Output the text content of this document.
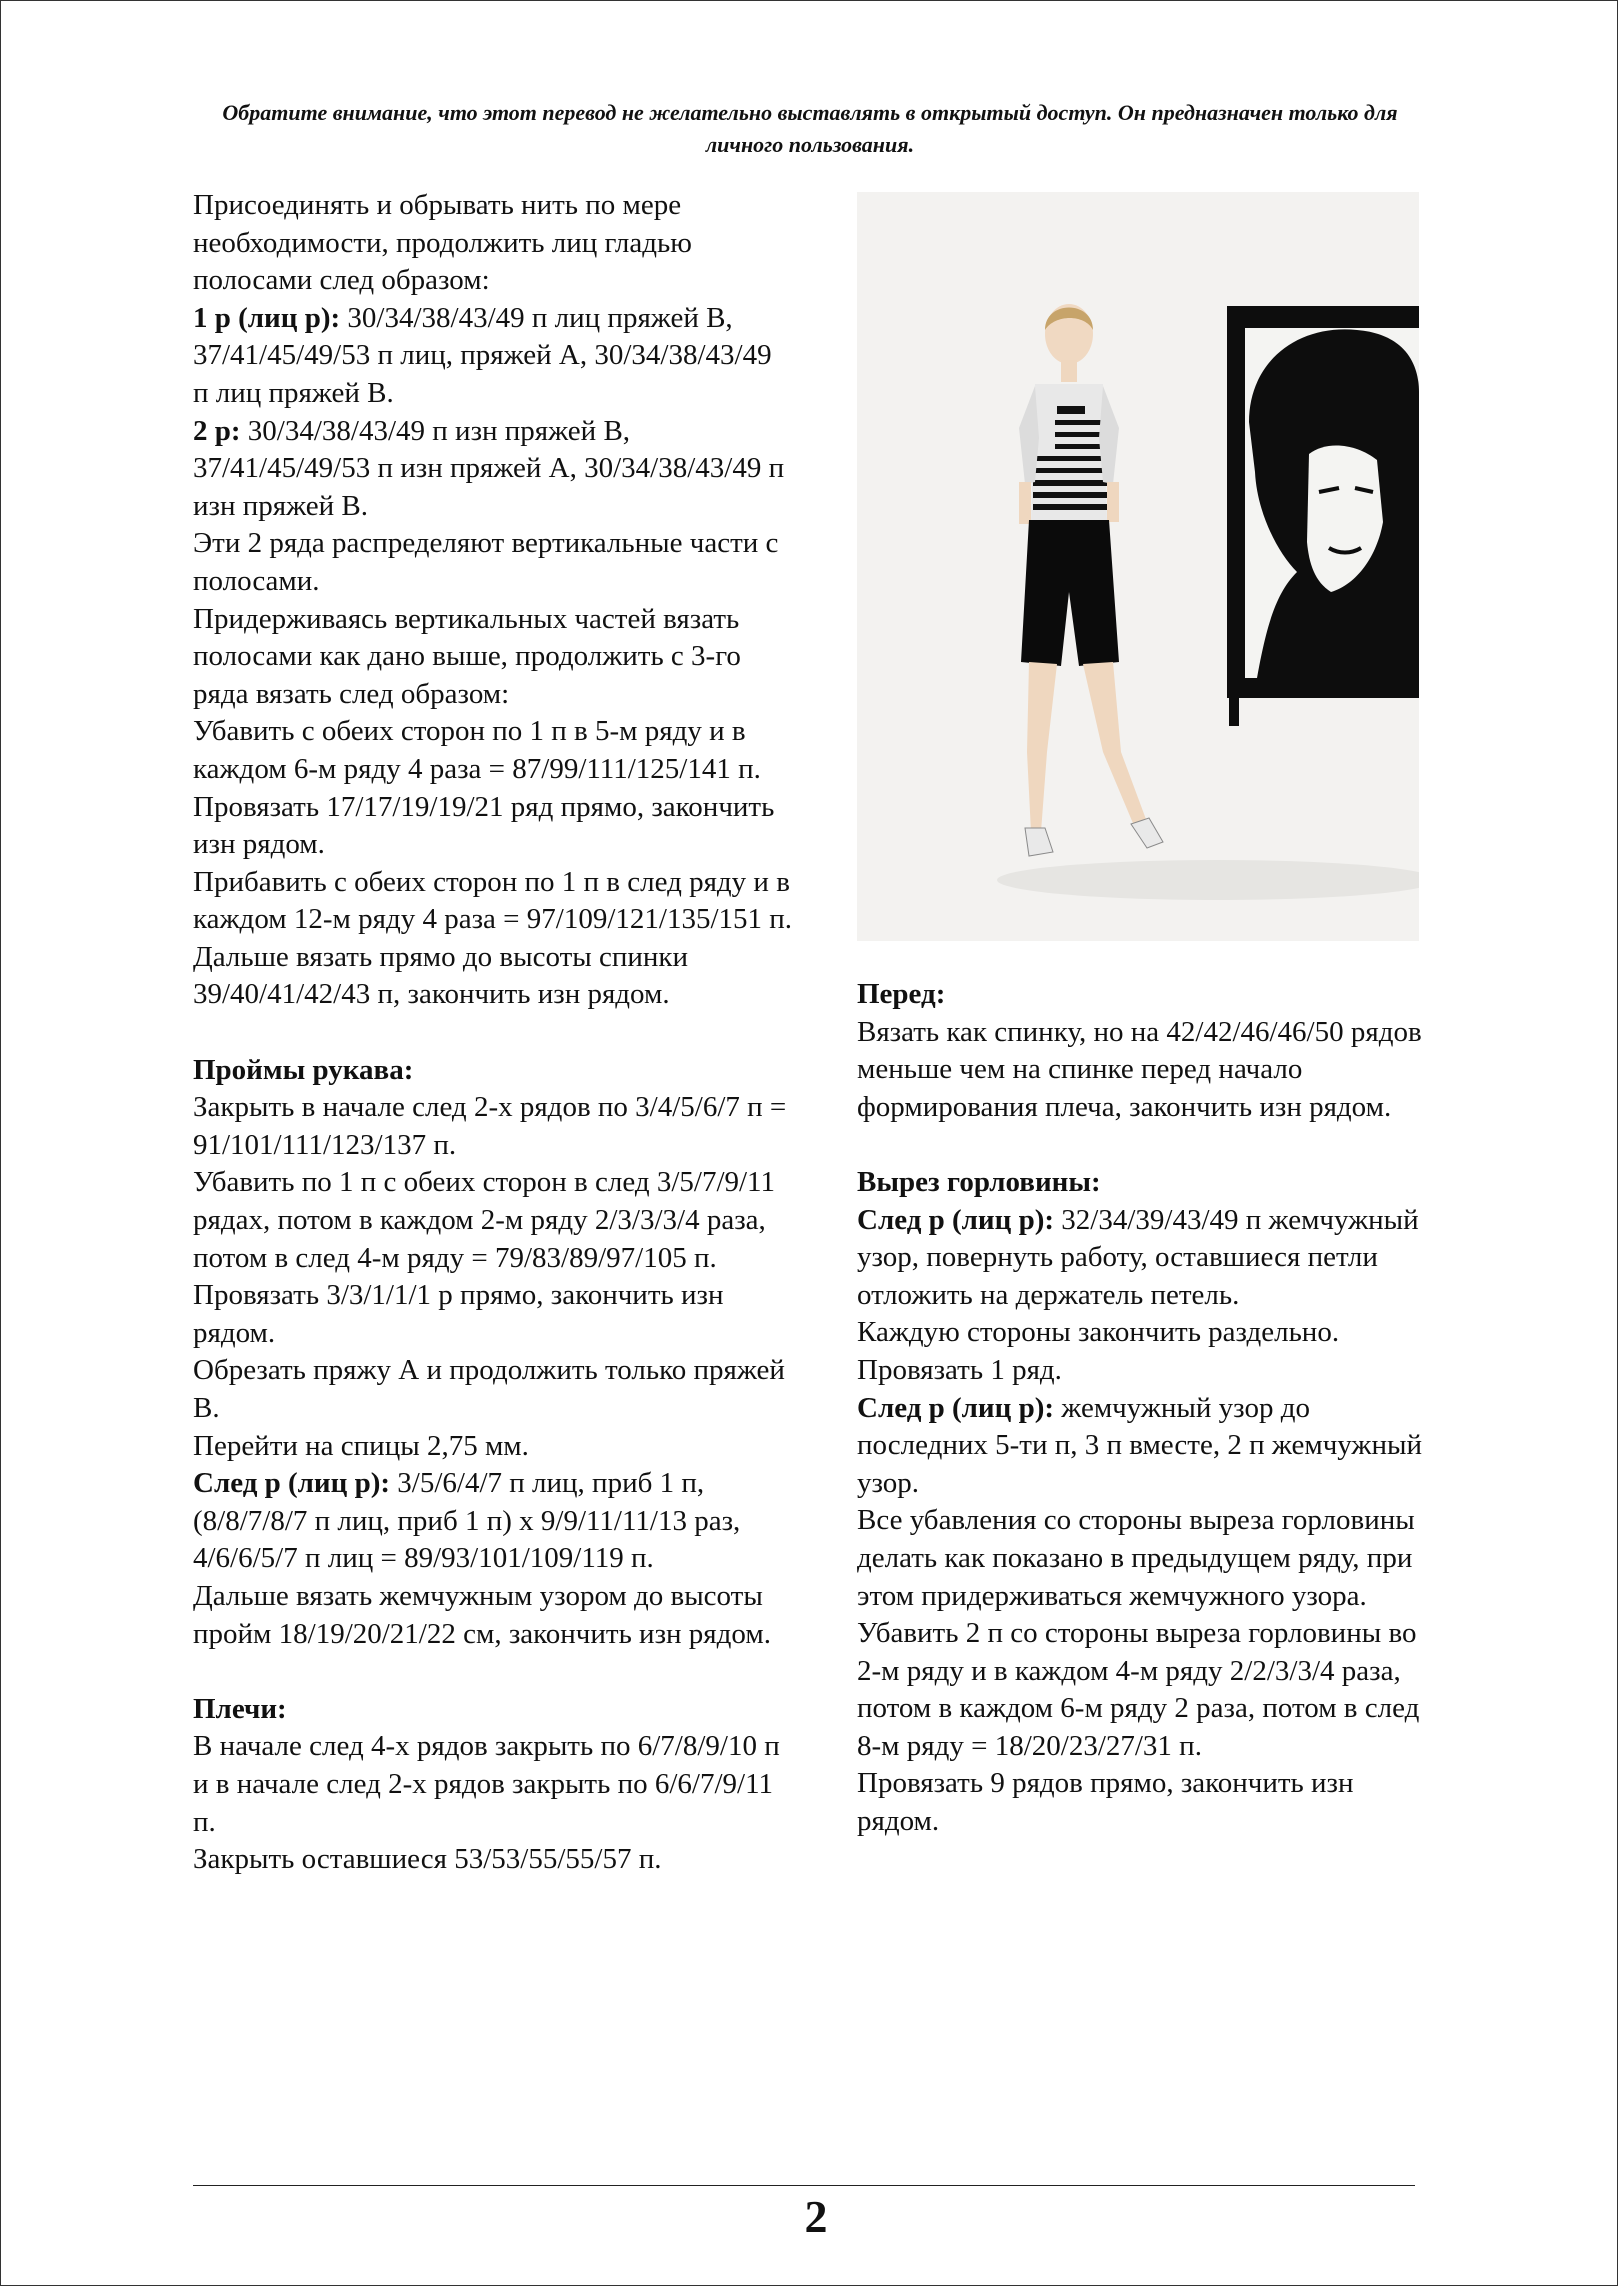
Обратите внимание, что этот перевод не желательно выставлять в открытый доступ. Он предназначен только для личного пользования.

Присоединять и обрывать нить по мере необходимости, продолжить лиц гладью полосами след образом:

1 р (лиц р): 30/34/38/43/49 п лиц пряжей В, 37/41/45/49/53 п лиц, пряжей А, 30/34/38/43/49 п лиц пряжей В.

2 р: 30/34/38/43/49 п изн пряжей В, 37/41/45/49/53 п изн пряжей А, 30/34/38/43/49 п изн пряжей В.

Эти 2 ряда распределяют вертикальные части с полосами.

Придерживаясь вертикальных частей вязать полосами как дано выше, продолжить с 3-го ряда вязать след образом:

Убавить с обеих сторон по 1 п в 5-м ряду и в каждом 6-м ряду 4 раза = 87/99/111/125/141 п.

Провязать 17/17/19/19/21 ряд прямо, закончить изн рядом.

Прибавить с обеих сторон по 1 п в след ряду и в каждом 12-м ряду 4 раза = 97/109/121/135/151 п.

Дальше вязать прямо до высоты спинки 39/40/41/42/43 п, закончить изн рядом.

Проймы рукава:

Закрыть в начале след 2-х рядов по 3/4/5/6/7 п = 91/101/111/123/137 п.

Убавить по 1 п с обеих сторон в след 3/5/7/9/11 рядах, потом в каждом 2-м ряду 2/3/3/3/4 раза, потом в след 4-м ряду = 79/83/89/97/105 п.

Провязать 3/3/1/1/1 р прямо, закончить изн рядом.

Обрезать пряжу А и продолжить только пряжей В.

Перейти на спицы 2,75 мм.

След р (лиц р): 3/5/6/4/7 п лиц, приб 1 п, (8/8/7/8/7 п лиц, приб 1 п) х 9/9/11/11/13 раз, 4/6/6/5/7 п лиц = 89/93/101/109/119 п.

Дальше вязать жемчужным узором до высоты пройм 18/19/20/21/22 см, закончить изн рядом.

Плечи:

В начале след 4-х рядов закрыть по 6/7/8/9/10 п и в начале след 2-х рядов закрыть по 6/6/7/9/11 п.

Закрыть оставшиеся 53/53/55/55/57 п.

Перед:

Вязать как спинку, но на 42/42/46/46/50 рядов меньше чем на спинке перед начало формирования плеча, закончить изн рядом.

Вырез горловины:

След р (лиц р): 32/34/39/43/49 п жемчужный узор, повернуть работу, оставшиеся петли отложить на держатель петель.

Каждую стороны закончить раздельно.

Провязать 1 ряд.

След р (лиц р): жемчужный узор до последних 5-ти п, 3 п вместе, 2 п жемчужный узор.

Все убавления со стороны выреза горловины делать как показано в предыдущем ряду, при этом придерживаться жемчужного узора.

Убавить 2 п со стороны выреза горловины во 2-м ряду и в каждом 4-м ряду 2/2/3/3/4 раза, потом в каждом 6-м ряду 2 раза, потом в след 8-м ряду = 18/20/23/27/31 п.

Провязать 9 рядов прямо, закончить изн рядом.

2
